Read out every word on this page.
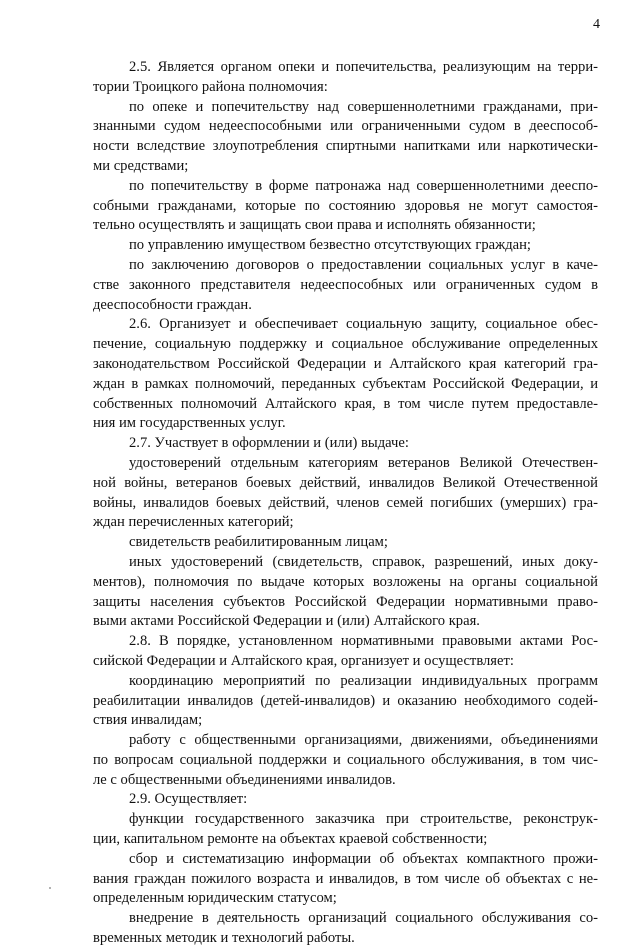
4
2.5. Является органом опеки и попечительства, реализующим на терри-
тории Троицкого района полномочия:
по опеке и попечительству над совершеннолетними гражданами, при-
знанными судом недееспособными или ограниченными судом в дееспособ-
ности вследствие злоупотребления спиртными напитками или наркотически-
ми средствами;
по попечительству в форме патронажа над совершеннолетними дееспо-
собными гражданами, которые по состоянию здоровья не могут самостоя-
тельно осуществлять и защищать свои права и исполнять обязанности;
по управлению имуществом безвестно отсутствующих граждан;
по заключению договоров о предоставлении социальных услуг в каче-
стве законного представителя недееспособных или ограниченных судом в
дееспособности граждан.
2.6. Организует и обеспечивает социальную защиту, социальное обес-
печение, социальную поддержку и социальное обслуживание определенных
законодательством Российской Федерации и Алтайского края категорий гра-
ждан в рамках полномочий, переданных субъектам Российской Федерации, и
собственных полномочий Алтайского края, в том числе путем предоставле-
ния им государственных услуг.
2.7. Участвует в оформлении и (или) выдаче:
удостоверений отдельным категориям ветеранов Великой Отечествен-
ной войны, ветеранов боевых действий, инвалидов Великой Отечественной
войны, инвалидов боевых действий, членов семей погибших (умерших) гра-
ждан перечисленных категорий;
свидетельств реабилитированным лицам;
иных удостоверений (свидетельств, справок, разрешений, иных доку-
ментов), полномочия по выдаче которых возложены на органы социальной
защиты населения субъектов Российской Федерации нормативными право-
выми актами Российской Федерации и (или) Алтайского края.
2.8. В порядке, установленном нормативными правовыми актами Рос-
сийской Федерации и Алтайского края, организует и осуществляет:
координацию мероприятий по реализации индивидуальных программ
реабилитации инвалидов (детей-инвалидов) и оказанию необходимого содей-
ствия инвалидам;
работу с общественными организациями, движениями, объединениями
по вопросам социальной поддержки и социального обслуживания, в том чис-
ле с общественными объединениями инвалидов.
2.9. Осуществляет:
функции государственного заказчика при строительстве, реконструк-
ции, капитальном ремонте на объектах краевой собственности;
сбор и систематизацию информации об объектах компактного прожи-
вания граждан пожилого возраста и инвалидов, в том числе об объектах с не-
определенным юридическим статусом;
внедрение в деятельность организаций социального обслуживания со-
временных методик и технологий работы.
